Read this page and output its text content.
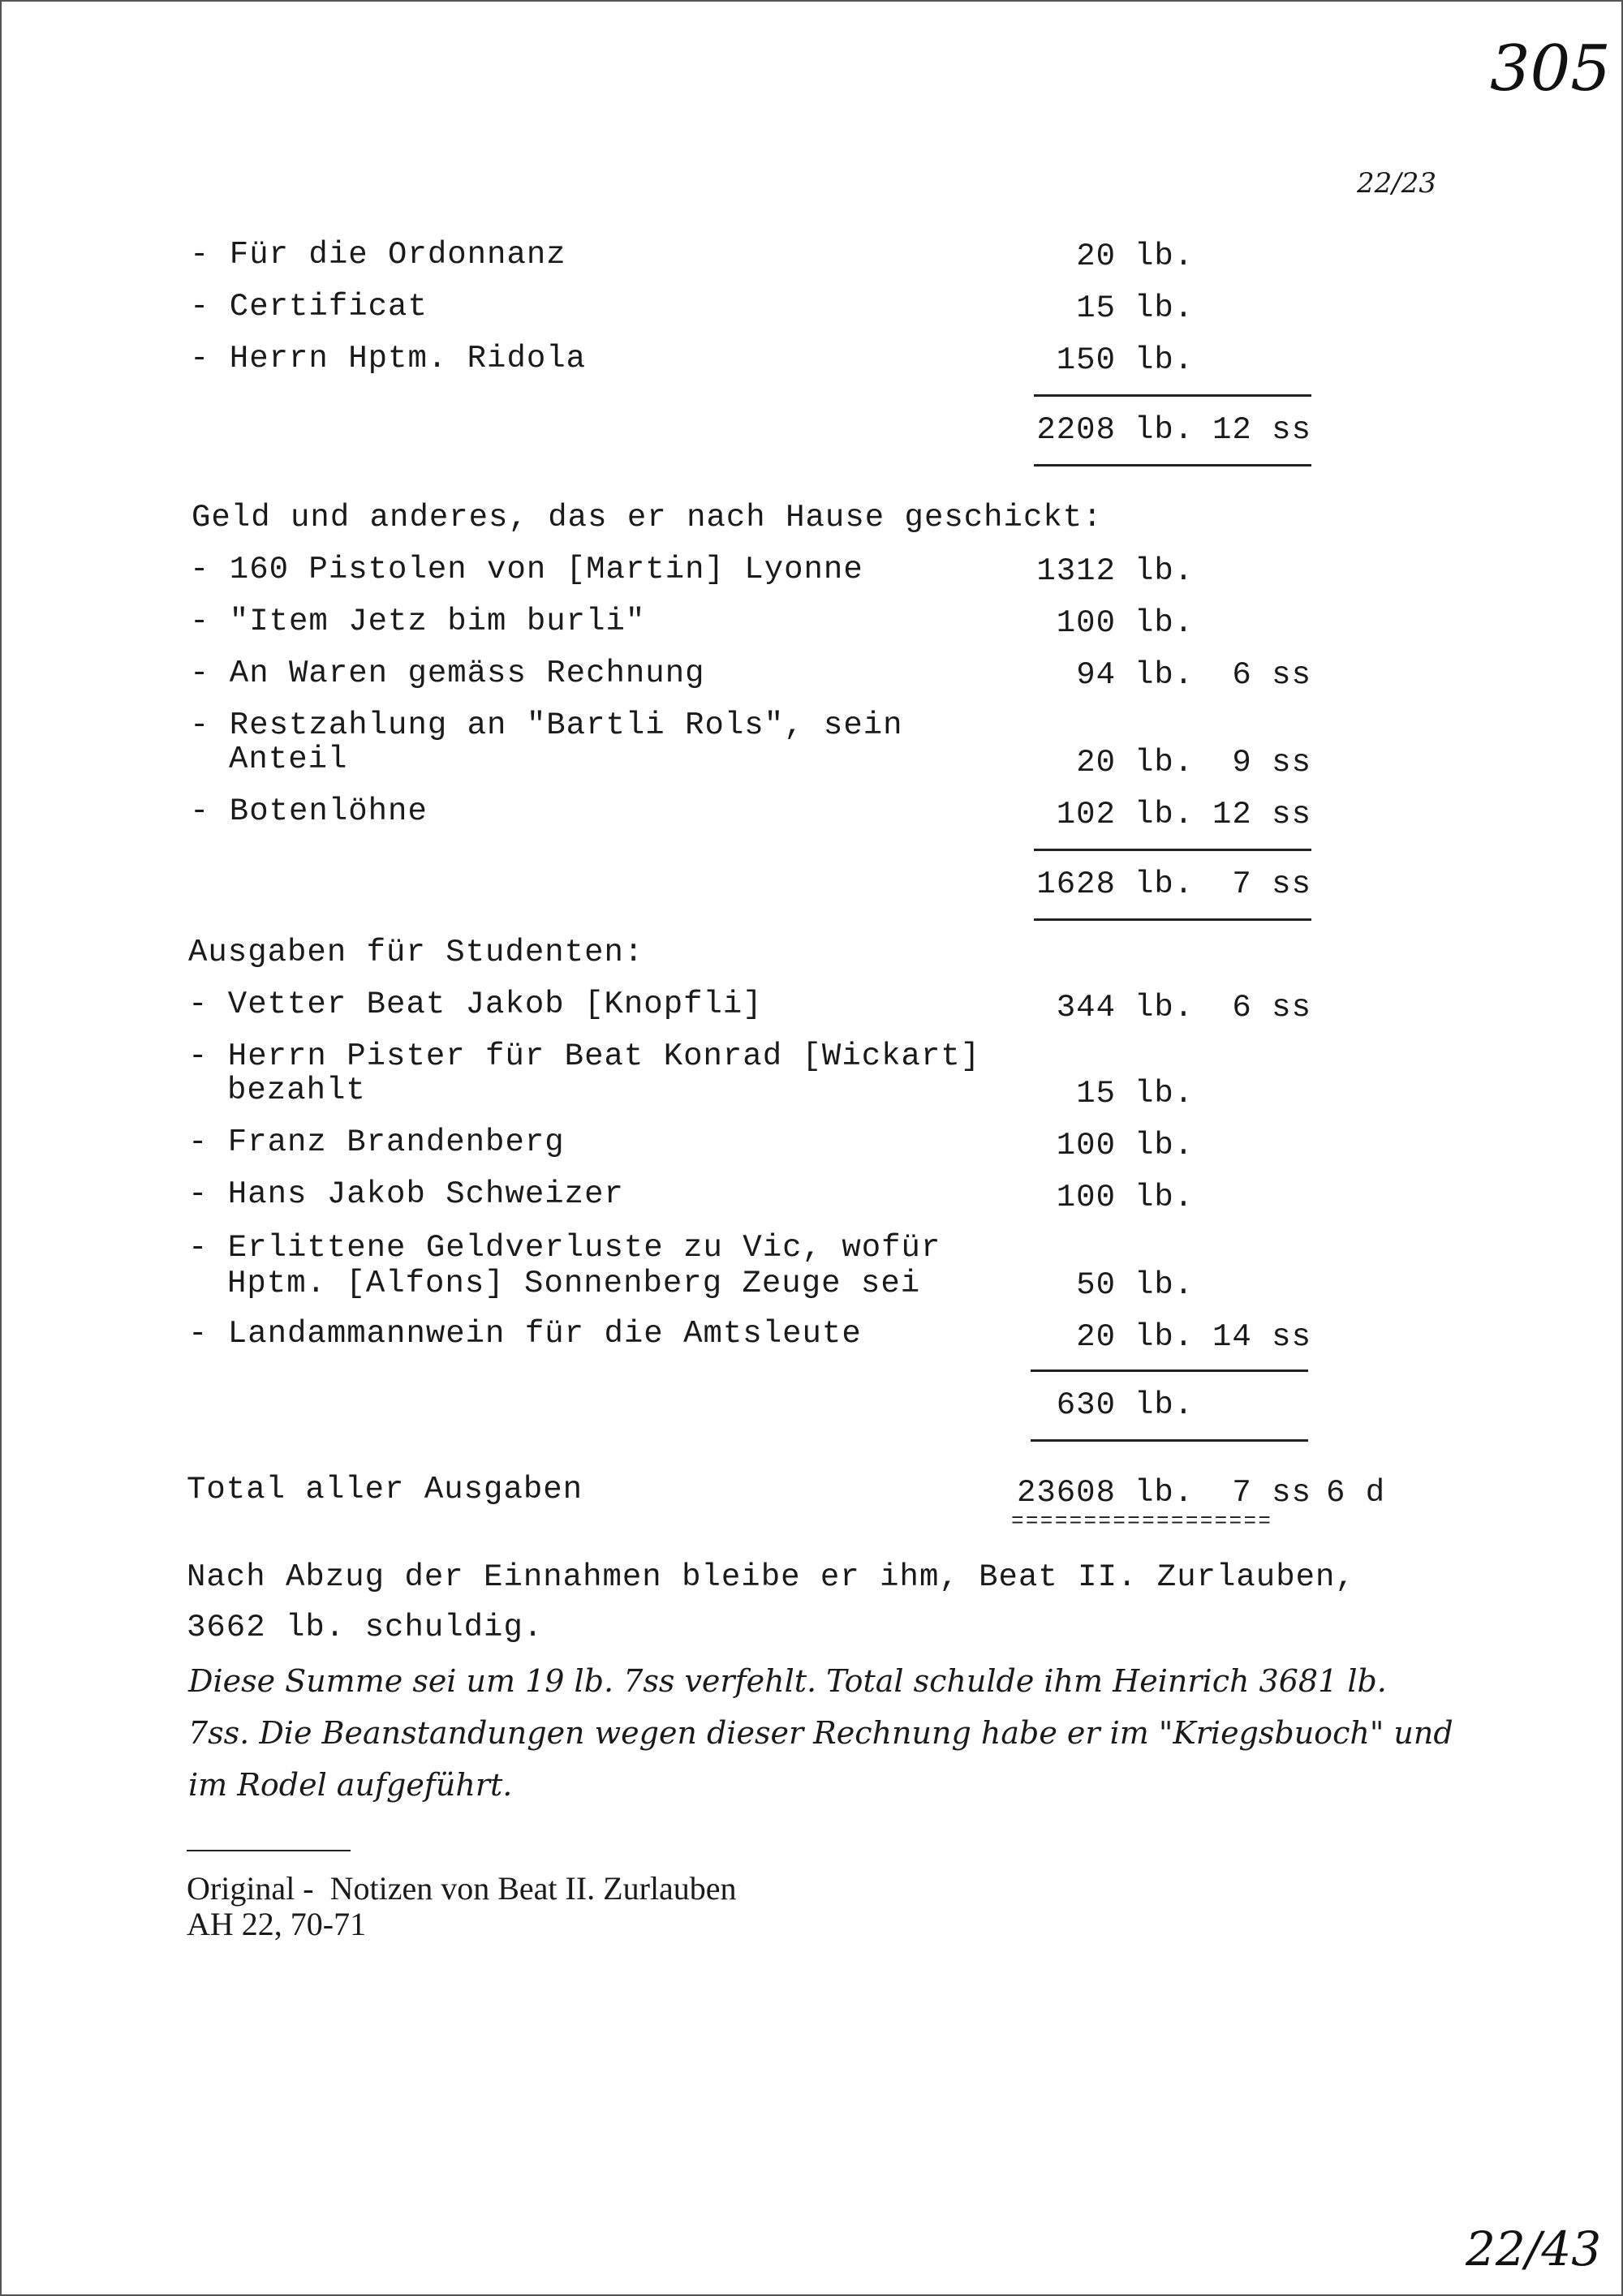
305
22/23
- Für die Ordonnanz	20 lb.
- Certificat	15 lb.
- Herrn Hptm. Ridola	150 lb.
2208 lb. 12 ss
Geld und anderes, das er nach Hause geschickt:
- 160 Pistolen von [Martin] Lyonne	1312 lb.
- "Item Jetz bim burli"	100 lb.
- An Waren gemäss Rechnung	94 lb.	6 ss
- Restzahlung an "Bartli Rols", sein
Anteil	20 lb.	9 ss
- Botenlöhne	102 lb. 12 ss
1628 lb.	7 ss
Ausgaben für Studenten:
- Vetter Beat Jakob [Knopfli]	344 lb.	6 ss
- Herrn Pister für Beat Konrad [Wickart]
bezahlt	15 lb.
- Franz Brandenberg	100 lb.
- Hans Jakob Schweizer	100 lb.
- Erlittene Geldverluste zu Vic, wofür
Hptm. [Alfons] Sonnenberg Zeuge sei	50 lb.
- Landammannwein für die Amtsleute	20 lb. 14 ss
630 lb.
Total aller Ausgaben	23608 lb.	7 ss 6 d
==================
Nach Abzug der Einnahmen bleibe er ihm, Beat II. Zurlauben,
3662 lb. schuldig.
Diese Summe sei um 19 lb. 7ss verfehlt. Total schulde ihm Heinrich 3681 lb.
7ss. Die Beanstandungen wegen dieser Rechnung habe er im "Kriegsbuoch" und
im Rodel aufgeführt.
Original -  Notizen von Beat II. Zurlauben
AH 22, 70-71
22/43
